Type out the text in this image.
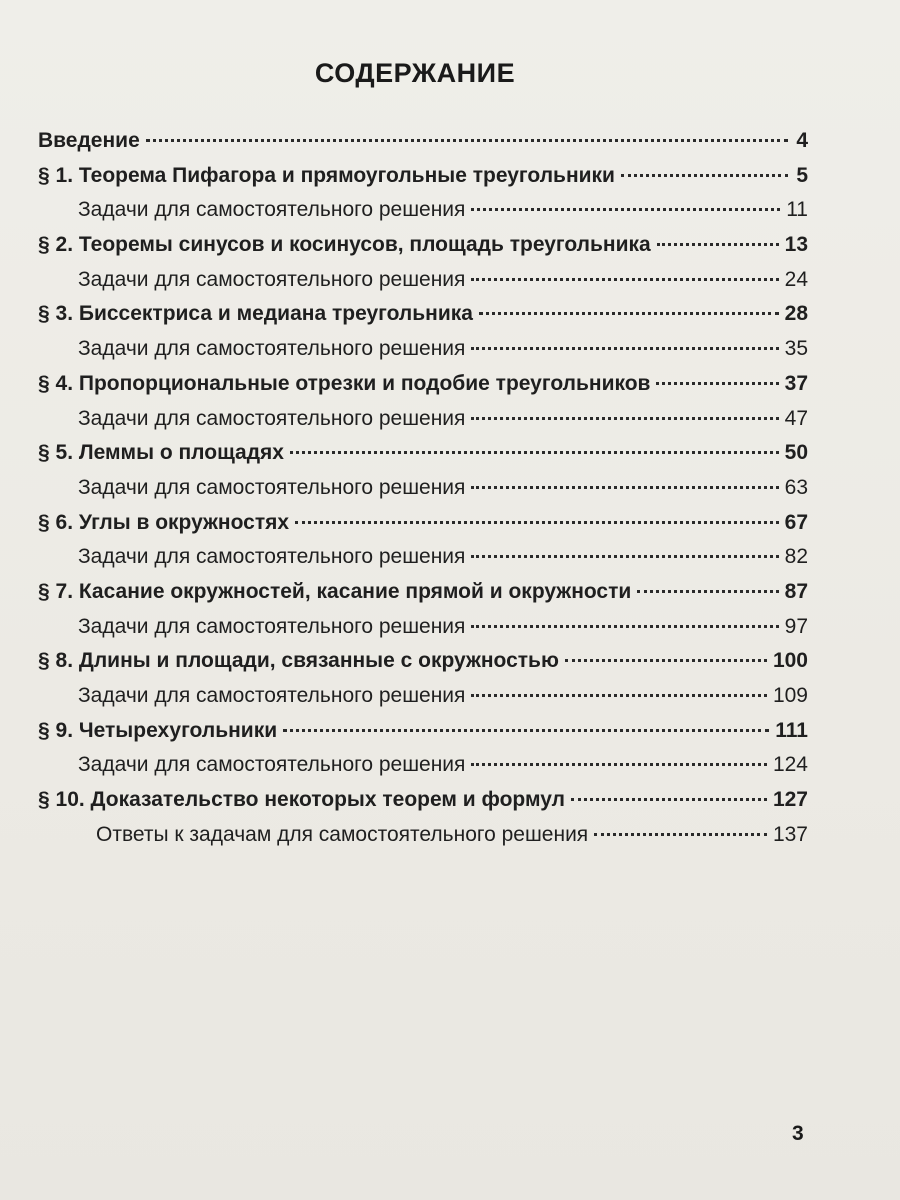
СОДЕРЖАНИЕ
Введение	4
§ 1. Теорема Пифагора и прямоугольные треугольники	5
Задачи для самостоятельного решения	11
§ 2. Теоремы синусов и косинусов, площадь треугольника	13
Задачи для самостоятельного решения	24
§ 3. Биссектриса и медиана треугольника	28
Задачи для самостоятельного решения	35
§ 4. Пропорциональные отрезки и подобие треугольников	37
Задачи для самостоятельного решения	47
§ 5. Леммы о площадях	50
Задачи для самостоятельного решения	63
§ 6. Углы в окружностях	67
Задачи для самостоятельного решения	82
§ 7. Касание окружностей, касание прямой и окружности	87
Задачи для самостоятельного решения	97
§ 8. Длины и площади, связанные с окружностью	100
Задачи для самостоятельного решения	109
§ 9. Четырехугольники	111
Задачи для самостоятельного решения	124
§ 10. Доказательство некоторых теорем и формул	127
Ответы к задачам для самостоятельного решения	137
3
